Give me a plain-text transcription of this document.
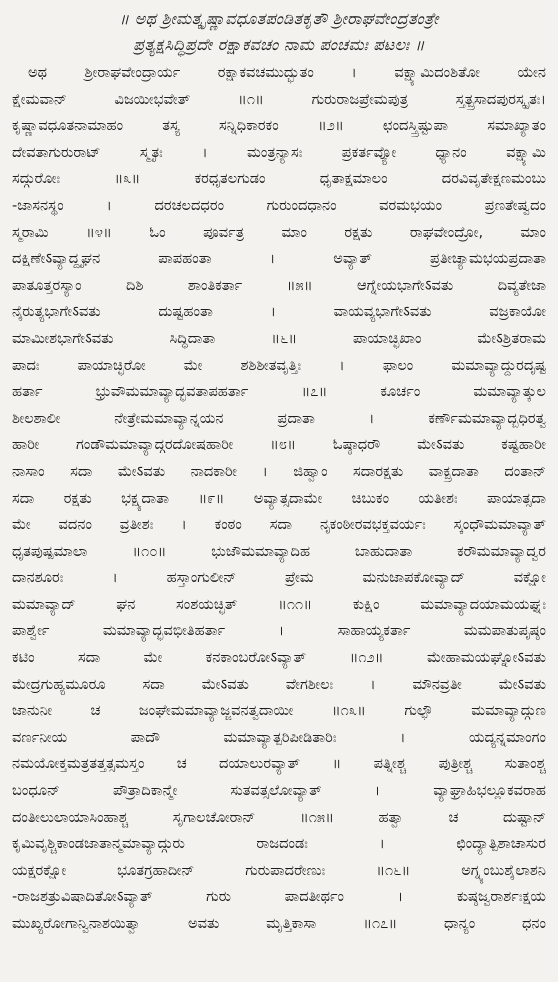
॥ ಅಥ ಶ್ರೀಮತ್ಕೃಷ್ಣಾವಧೂತಪಂಡಿತಕೃತೌ ಶ್ರೀರಾಘವೇಂದ್ರತಂತ್ರೇ
ಪ್ರತ್ಯಕ್ಷಸಿದ್ಧಿಪ್ರದೇ ರಕ್ಷಾಕವಚಂ ನಾಮ ಪಂಚಮಃ ಪಟಲಃ ॥
ಅಥ ಶ್ರೀರಾಘವೇಂದ್ರಾರ್ಯ ರಕ್ಷಾಕವಚಮುದ್ಭುತಂ । ವಕ್ಷ್ಯಾಮಿದಂಶಿತೋ ಯೇನ
ಕ್ಷೇಮವಾನ್ ವಿಜಯೀಭವೇತ್ ॥೧॥ ಗುರುರಾಜಪ್ರೇಮಪುತ್ರ ಸ್ತತ್ಪ್ರಸಾದಪುರಸ್ಕೃತಃ।
ಕೃಷ್ಣಾವಧೂತನಾಮಾಹಂ ತಸ್ಯ ಸನ್ನಿಧಿಕಾರಕಂ ॥೨॥ ಛಂದಸ್ತ್ರಿಷ್ಟುಪಾ ಸಮಾಖ್ಯಾತಂ
ದೇವತಾಗುರುರಾಟ್ ಸ್ಮೃತಃ । ಮಂತ್ರನ್ಯಾಸಃ ಪ್ರಕರ್ತವ್ಯೋ ಧ್ಯಾನಂ ವಕ್ಷ್ಯಾಮಿ
ಸದ್ಗುರೋಃ ॥೩॥ ಕರಧೃತಲಗುಡಂ ಧೃತಾಕ್ಷಮಾಲಂ ದರವಿವೃತೇಕ್ಷಣಮಂಬು
-ಜಾಸನಸ್ಥಂ । ದರಚಲದಧರಂ ಗುರುಂದಧಾನಂ ವರಮಭಯಂ ಪ್ರಣತೇಷ್ವದಂ
ಸ್ಮರಾಮಿ ॥೪॥ ಓಂ ಪೂರ್ವತ್ರ ಮಾಂ ರಕ್ಷತು ರಾಘವೇಂದ್ರೋ, ಮಾಂ
ದಕ್ಷಿಣೇऽವ್ಯಾದ್ದೃಘನ ಪಾಪಹಂತಾ । ಅವ್ಯಾತ್ ಪ್ರತೀಚ್ಯಾಮಭಯಪ್ರದಾತಾ
ಪಾತೂತ್ತರಸ್ಯಾಂ ದಿಶಿ ಶಾಂತಿಕರ್ತಾ ॥೫॥ ಆಗ್ನೇಯಭಾಗೇऽವತು ದಿವ್ಯತೇಜಾ
ನೈರುತ್ಯಭಾಗೇऽವತು ದುಷ್ಟಹಂತಾ । ವಾಯವ್ಯಭಾಗೇऽವತು ವಜ್ರಕಾಯೋ
ಮಾಮೀಶಭಾಗೇऽವತು ಸಿದ್ಧಿದಾತಾ ॥೬॥ ಪಾಯಾಚ್ಛಿಖಾಂ ಮೇऽಶ್ರಿತರಾಮ
ಪಾದಃ ಪಾಯಾಚ್ಛಿರೋ ಮೇ ಶಶಿಶೀತವೃತ್ತಿಃ । ಫಾಲಂ ಮಮಾವ್ಯಾದ್ದುರದೃಷ್ಟ
ಹರ್ತಾ ಭ್ರುವೌಮಮಾವ್ಯಾದ್ಭವತಾಪಹರ್ತಾ ॥೭॥ ಕೂರ್ಚಂ ಮಮಾವ್ಯಾತ್ಕುಲ
ಶೀಲಶಾಲೀ ನೇತ್ರೇಮಮಾವ್ಯಾನ್ನಯನ ಪ್ರದಾತಾ । ಕರ್ಣೌಮಮಾವ್ಯಾದ್ಬಧಿರತ್ವ
ಹಾರೀ ಗಂಡೌಮಮಾವ್ಯಾದ್ಗರದೋಷಹಾರೀ ॥೮॥ ಓಷ್ಠಾಧರೌ ಮೇऽವತು ಕಷ್ಟಹಾರೀ
ನಾಸಾಂ ಸದಾ ಮೇऽವತು ನಾದಕಾರೀ । ಜಿಹ್ವಾಂ ಸದಾರಕ್ಷತು ವಾಕ್ಪ್ರದಾತಾ ದಂತಾನ್
ಸದಾ ರಕ್ಷತು ಭಕ್ಷ್ಯದಾತಾ ॥೯॥ ಅವ್ಯಾತ್ಸದಾಮೇ ಚಿಬುಕಂ ಯತೀಶಃ ಪಾಯಾತ್ಸದಾ
ಮೇ ವದನಂ ವ್ರತೀಶಃ । ಕಂಠಂ ಸದಾ ನೃಕಂಠೀರವಭಕ್ತವರ್ಯಃ ಸ್ಕಂಧೌಮಮಾವ್ಯಾತ್
ಧೃತಪುಷ್ಪಮಾಲಾ ॥೧೦॥ ಭುಜೌಮಮಾವ್ಯಾದಿಹ ಬಾಹುದಾತಾ ಕರೌಮಮಾವ್ಯಾದ್ವರ
ದಾನಶೂರಃ । ಹಸ್ತಾಂಗುಲೀನ್ ಪ್ರೇಮ ಮನುಜಾಪಕೋವ್ಯಾದ್ ವಕ್ಷೋ
ಮಮಾವ್ಯಾದ್ ಘನ ಸಂಶಯಚ್ಛಿತ್ ॥೧೧॥ ಕುಕ್ಷಿಂ ಮಮಾವ್ಯಾದಯಾಮಯಘ್ನಃ
ಪಾರ್ಶ್ವೇ ಮಮಾವ್ಯಾದ್ಭವಭೀತಿಹರ್ತಾ । ಸಾಹಾಯ್ಯಕರ್ತಾ ಮಮಪಾತುಪೃಷ್ಠಂ
ಕಟಿಂ ಸದಾ ಮೇ ಕನಕಾಂಬರೋऽವ್ಯಾತ್ ॥೧೨॥ ಮೇಹಾಮಯಘ್ನೋऽವತು
ಮೇದ್ರಗುಹ್ಯಮೂರೂ ಸದಾ ಮೇऽವತು ವೇಗಶೀಲಃ । ಮೌನವ್ರತೀ ಮೇऽವತು
ಜಾನುನೀ ಚ ಜಂಘೇಮಮಾವ್ಯಾಜ್ಜವನತ್ವದಾಯೀ ॥೧೩॥ ಗುಲ್ಫೌ ಮಮಾವ್ಯಾದ್ಗುಣ
ವರ್ಣನೀಯ ಪಾದೌ ಮಮಾವ್ಯಾತ್ಪರಿಪೀಡಿತಾರಿಃ । ಯದ್ಯನ್ನಮಾಂಗಂ
ನಮಯೋಕ್ತಮತ್ರತತ್ತತ್ಸಮಸ್ತಂ ಚ ದಯಾಲುರವ್ಯಾತ್ ॥ ಪತ್ನೀಶ್ಚ ಪುತ್ರೀಶ್ಚ ಸುತಾಂಶ್ಚ
ಬಂಧೂನ್ ಪೌತ್ರಾದಿಕಾನ್ಮೇ ಸುತವತ್ಸಲೋವ್ಯಾತ್ । ವ್ಯಾಘ್ರಾಹಿಭಲ್ಲೂಕವರಾಹ
ದಂತೀಲುಲಾಯಾಸಿಂಹಾಶ್ಚ ಸೃಗಾಲಚೋರಾನ್ ॥೧೫॥ ಹತ್ವಾ ಚ ದುಷ್ಟಾನ್
ಕೃಮಿವೃಶ್ಚಿಕಾಂಡಜಾತಾನ್ಮಮಾವ್ಯಾದ್ಗುರು ರಾಜದಂಡಃ । ಛಿಂದ್ಯಾತ್ಪಿಶಾಚಾಸುರ
ಯಕ್ಷರಕ್ಷೋ ಭೂತಗ್ರಹಾದೀನ್ ಗುರುಪಾದರೇಣುಃ ॥೧೬॥ ಅಗ್ನ್ಯಂಬುಶೈಲಾಶನಿ
-ರಾಜಶತ್ರುವಿಷಾದಿತೋऽವ್ಯಾತ್ ಗುರು ಪಾದತೀರ್ಥಂ । ಕುಷ್ಠಜ್ವರಾರ್ಶಃಕ್ಷಯ
ಮುಖ್ಯರೋಗಾನ್ವಿನಾಶಯಿತ್ವಾ ಅವತು ಮೃತ್ತಿಕಾಸಾ ॥೧೭॥ ಧಾನ್ಯಂ ಧನಂ
